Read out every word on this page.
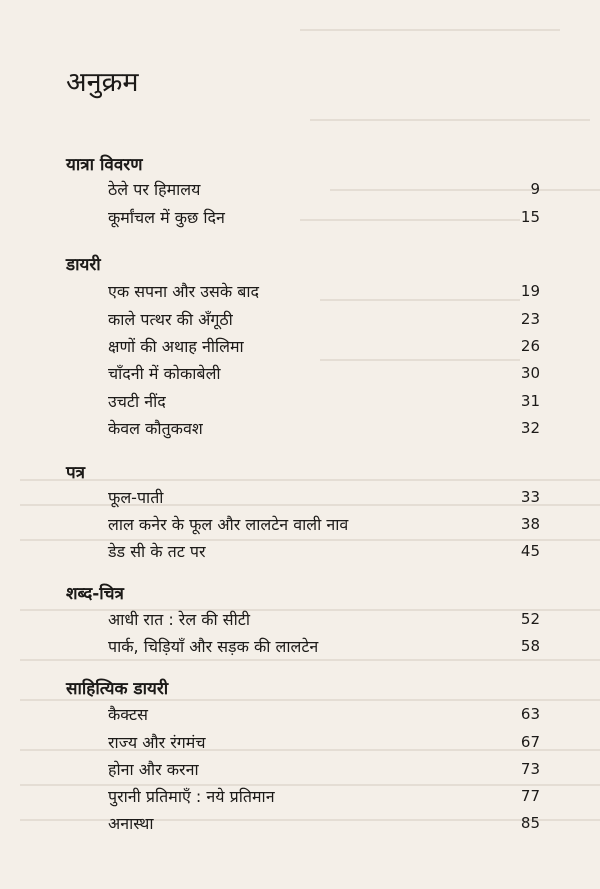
अनुक्रम
यात्रा विवरण
ठेले पर हिमालय	9
कूर्मांचल में कुछ दिन	15
डायरी
एक सपना और उसके बाद	19
काले पत्थर की अँगूठी	23
क्षणों की अथाह नीलिमा	26
चाँदनी में कोकाबेली	30
उचटी नींद	31
केवल कौतुकवश	32
पत्र
फूल-पाती	33
लाल कनेर के फूल और लालटेन वाली नाव	38
डेड सी के तट पर	45
शब्द-चित्र
आधी रात : रेल की सीटी	52
पार्क, चिड़ियाँ और सड़क की लालटेन	58
साहित्यिक डायरी
कैक्टस	63
राज्य और रंगमंच	67
होना और करना	73
पुरानी प्रतिमाएँ : नये प्रतिमान	77
अनास्था	85
